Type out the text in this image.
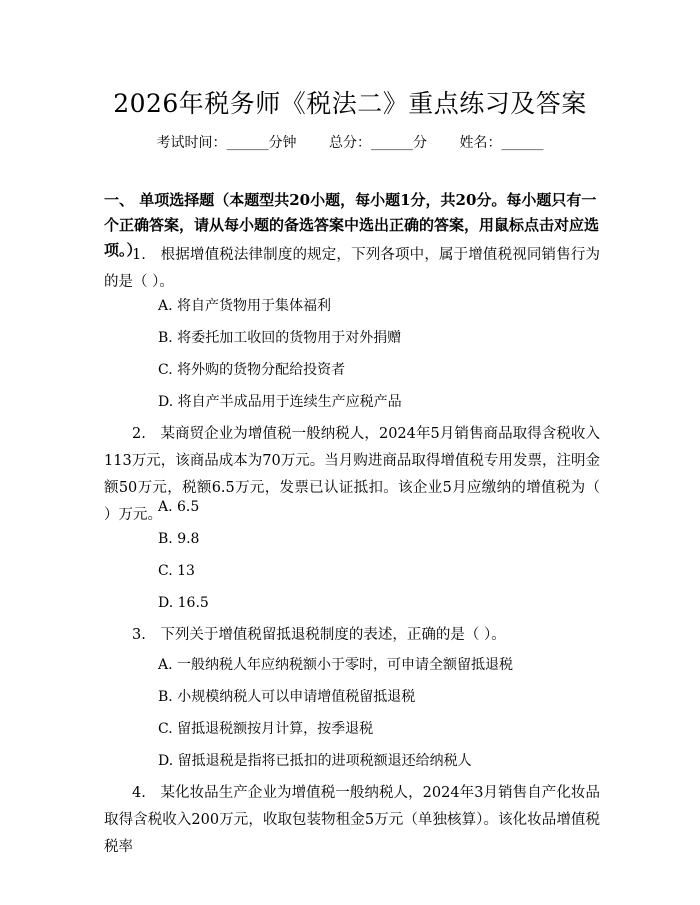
2026年税务师《税法二》重点练习及答案
考试时间：______分钟 总分：______分 姓名：______
一、 单项选择题（本题型共20小题，每小题1分，共20分。每小题只有一个正确答案，请从每小题的备选答案中选出正确的答案，用鼠标点击对应选项。）
1.　根据增值税法律制度的规定，下列各项中，属于增值税视同销售行为的是（ ）。
A. 将自产货物用于集体福利
B. 将委托加工收回的货物用于对外捐赠
C. 将外购的货物分配给投资者
D. 将自产半成品用于连续生产应税产品
2.　某商贸企业为增值税一般纳税人，2024年5月销售商品取得含税收入113万元，该商品成本为70万元。当月购进商品取得增值税专用发票，注明金额50万元，税额6.5万元，发票已认证抵扣。该企业5月应缴纳的增值税为（ ）万元。
A. 6.5
B. 9.8
C. 13
D. 16.5
3.　下列关于增值税留抵退税制度的表述，正确的是（ ）。
A. 一般纳税人年应纳税额小于零时，可申请全额留抵退税
B. 小规模纳税人可以申请增值税留抵退税
C. 留抵退税额按月计算，按季退税
D. 留抵退税是指将已抵扣的进项税额退还给纳税人
4.　某化妆品生产企业为增值税一般纳税人，2024年3月销售自产化妆品取得含税收入200万元，收取包装物租金5万元（单独核算）。该化妆品增值税税率
